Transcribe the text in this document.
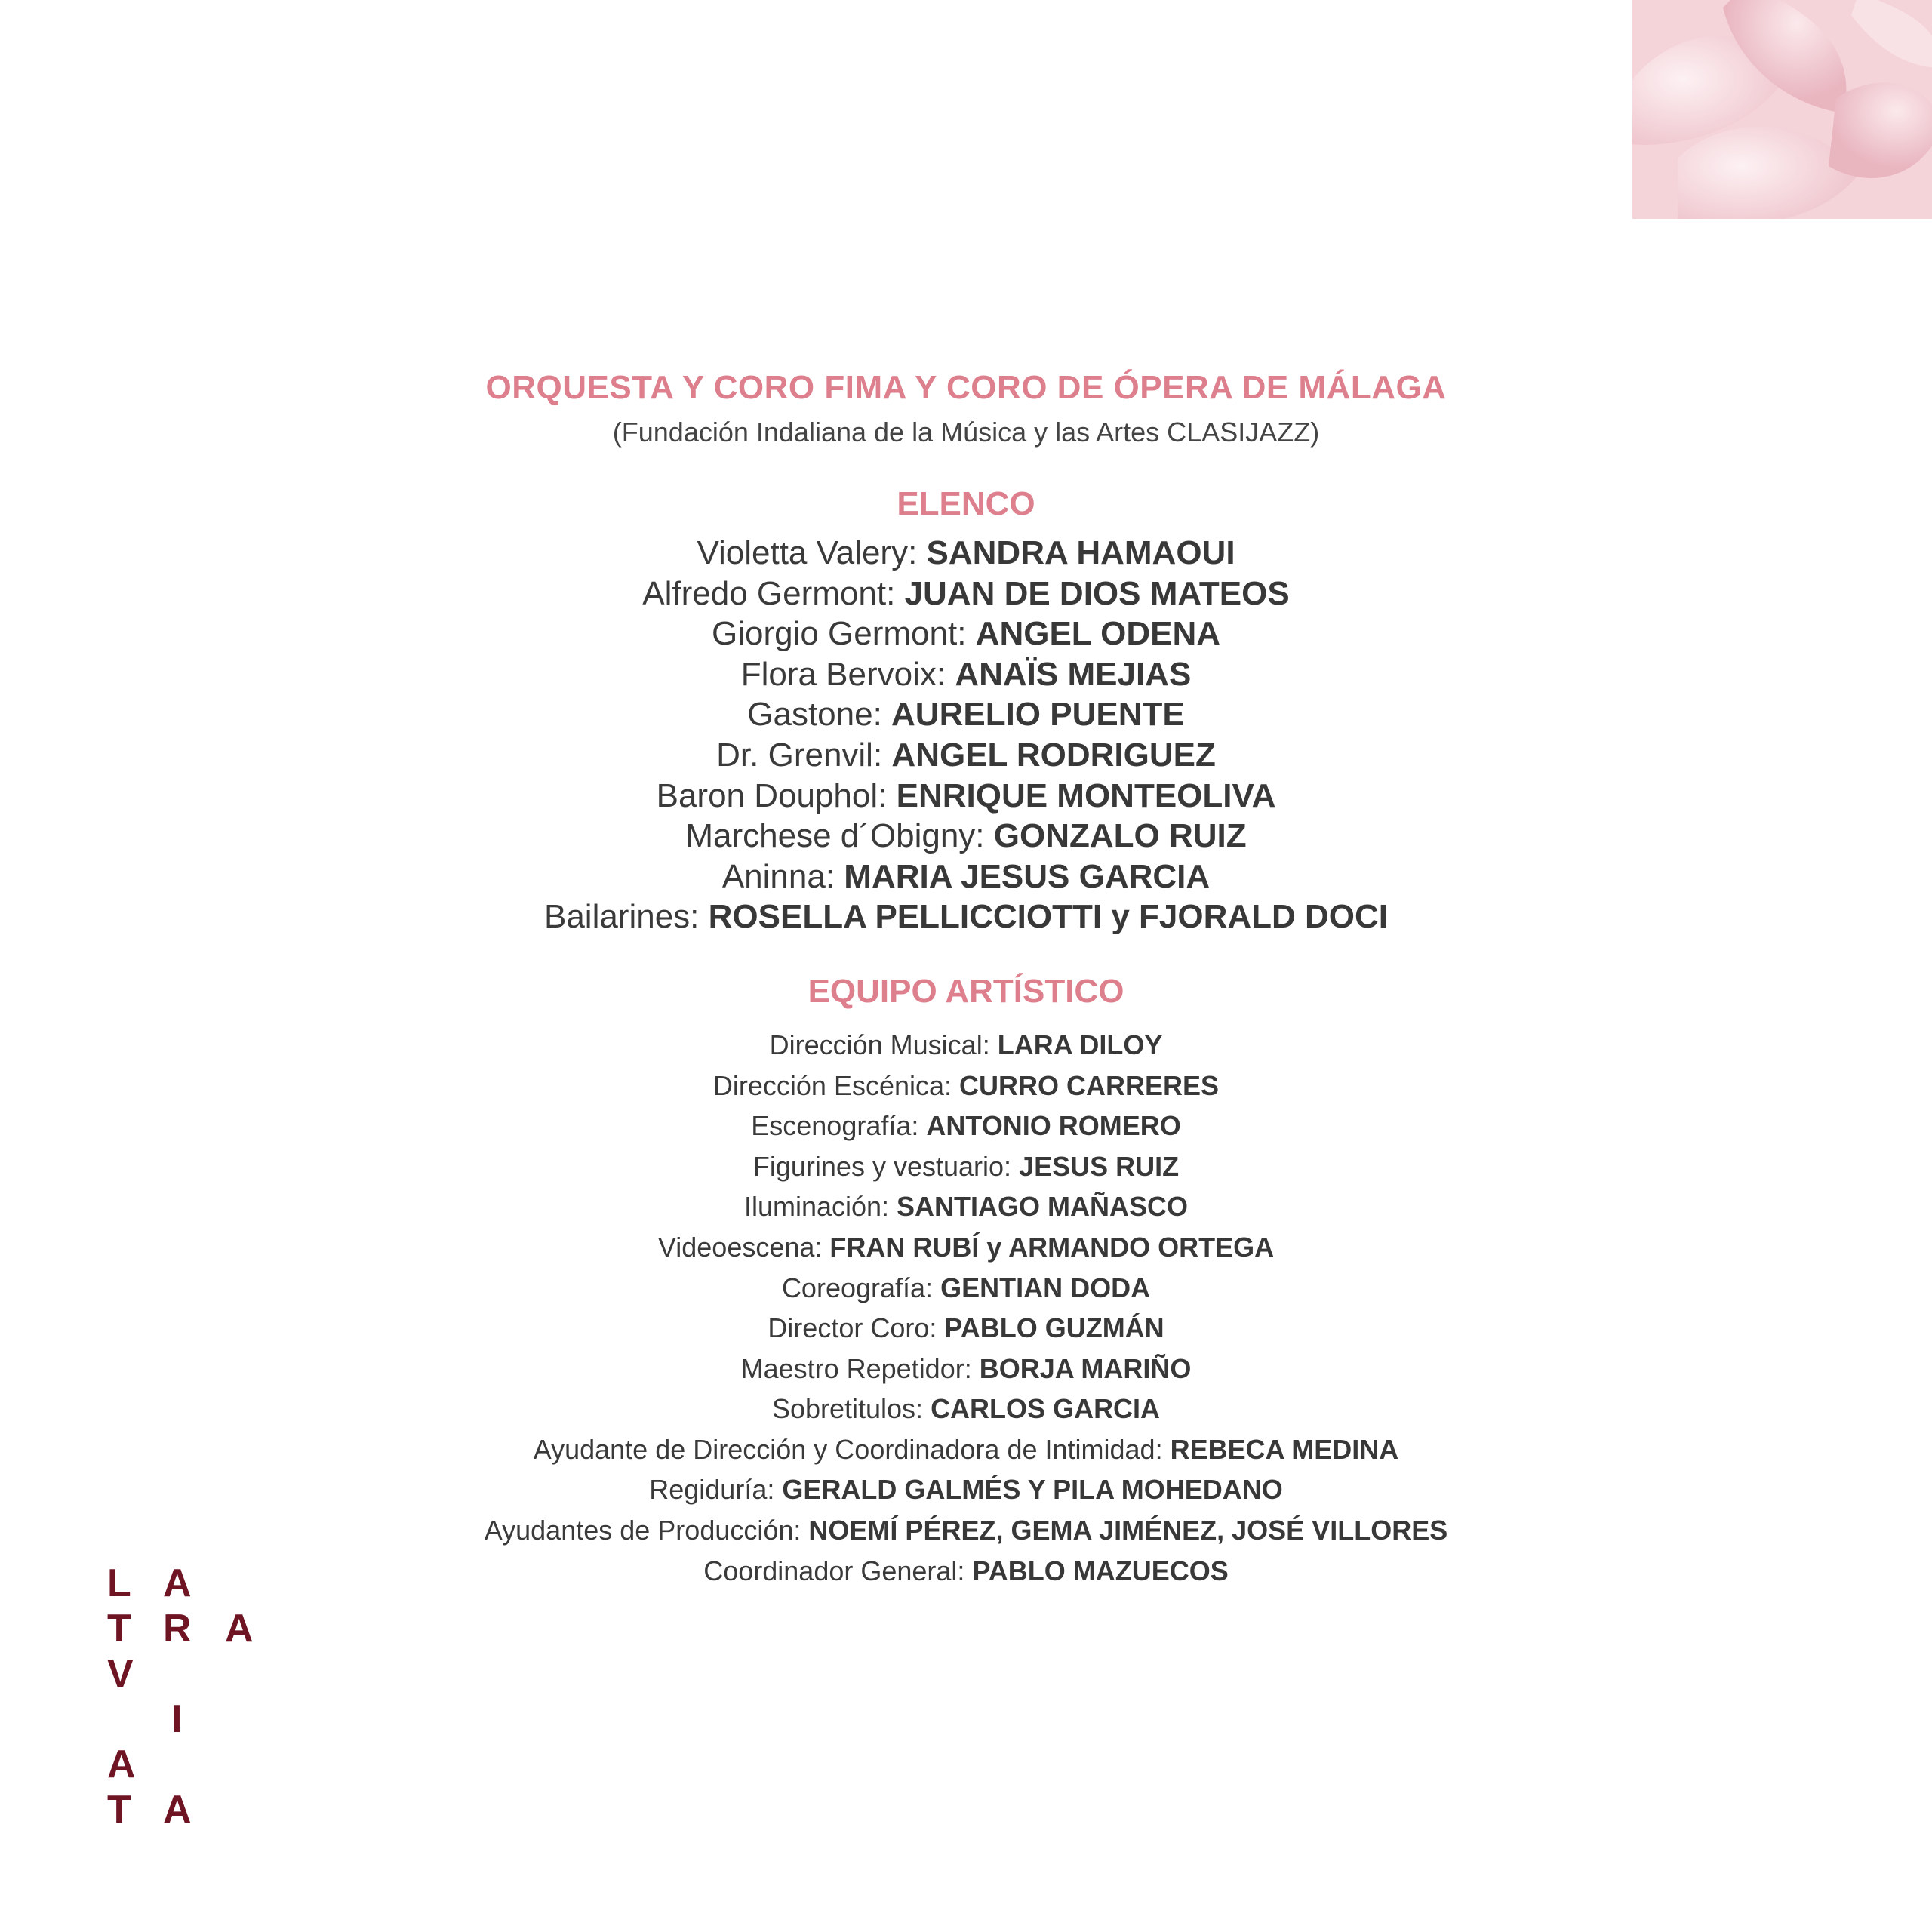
ORQUESTA Y CORO FIMA Y CORO DE ÓPERA DE MÁLAGA

(Fundación Indaliana de la Música y las Artes CLASIJAZZ)

ELENCO
Violetta Valery: SANDRA HAMAOUI
Alfredo Germont: JUAN DE DIOS MATEOS
Giorgio Germont: ANGEL ODENA
Flora Bervoix: ANAÏS MEJIAS
Gastone: AURELIO PUENTE
Dr. Grenvil: ANGEL RODRIGUEZ
Baron Douphol: ENRIQUE MONTEOLIVA
Marchese d´Obigny: GONZALO RUIZ
Aninna: MARIA JESUS GARCIA
Bailarines: ROSELLA PELLICCIOTTI y FJORALD DOCI
EQUIPO ARTÍSTICO
Dirección Musical: LARA DILOY
Dirección Escénica: CURRO CARRERES
Escenografía: ANTONIO ROMERO
Figurines y vestuario: JESUS RUIZ
Iluminación: SANTIAGO MAÑASCO
Videoescena: FRAN RUBÍ y ARMANDO ORTEGA
Coreografía: GENTIAN DODA
Director Coro: PABLO GUZMÁN
Maestro Repetidor: BORJA MARIÑO
Sobretitulos: CARLOS GARCIA
Ayudante de Dirección y Coordinadora de Intimidad: REBECA MEDINA
Regiduría: GERALD GALMÉS Y PILA MOHEDANO
Ayudantes de Producción: NOEMÍ PÉREZ, GEMA JIMÉNEZ, JOSÉ VILLORES
Coordinador General: PABLO MAZUECOS
L A
T R A
V
I
A
T A
